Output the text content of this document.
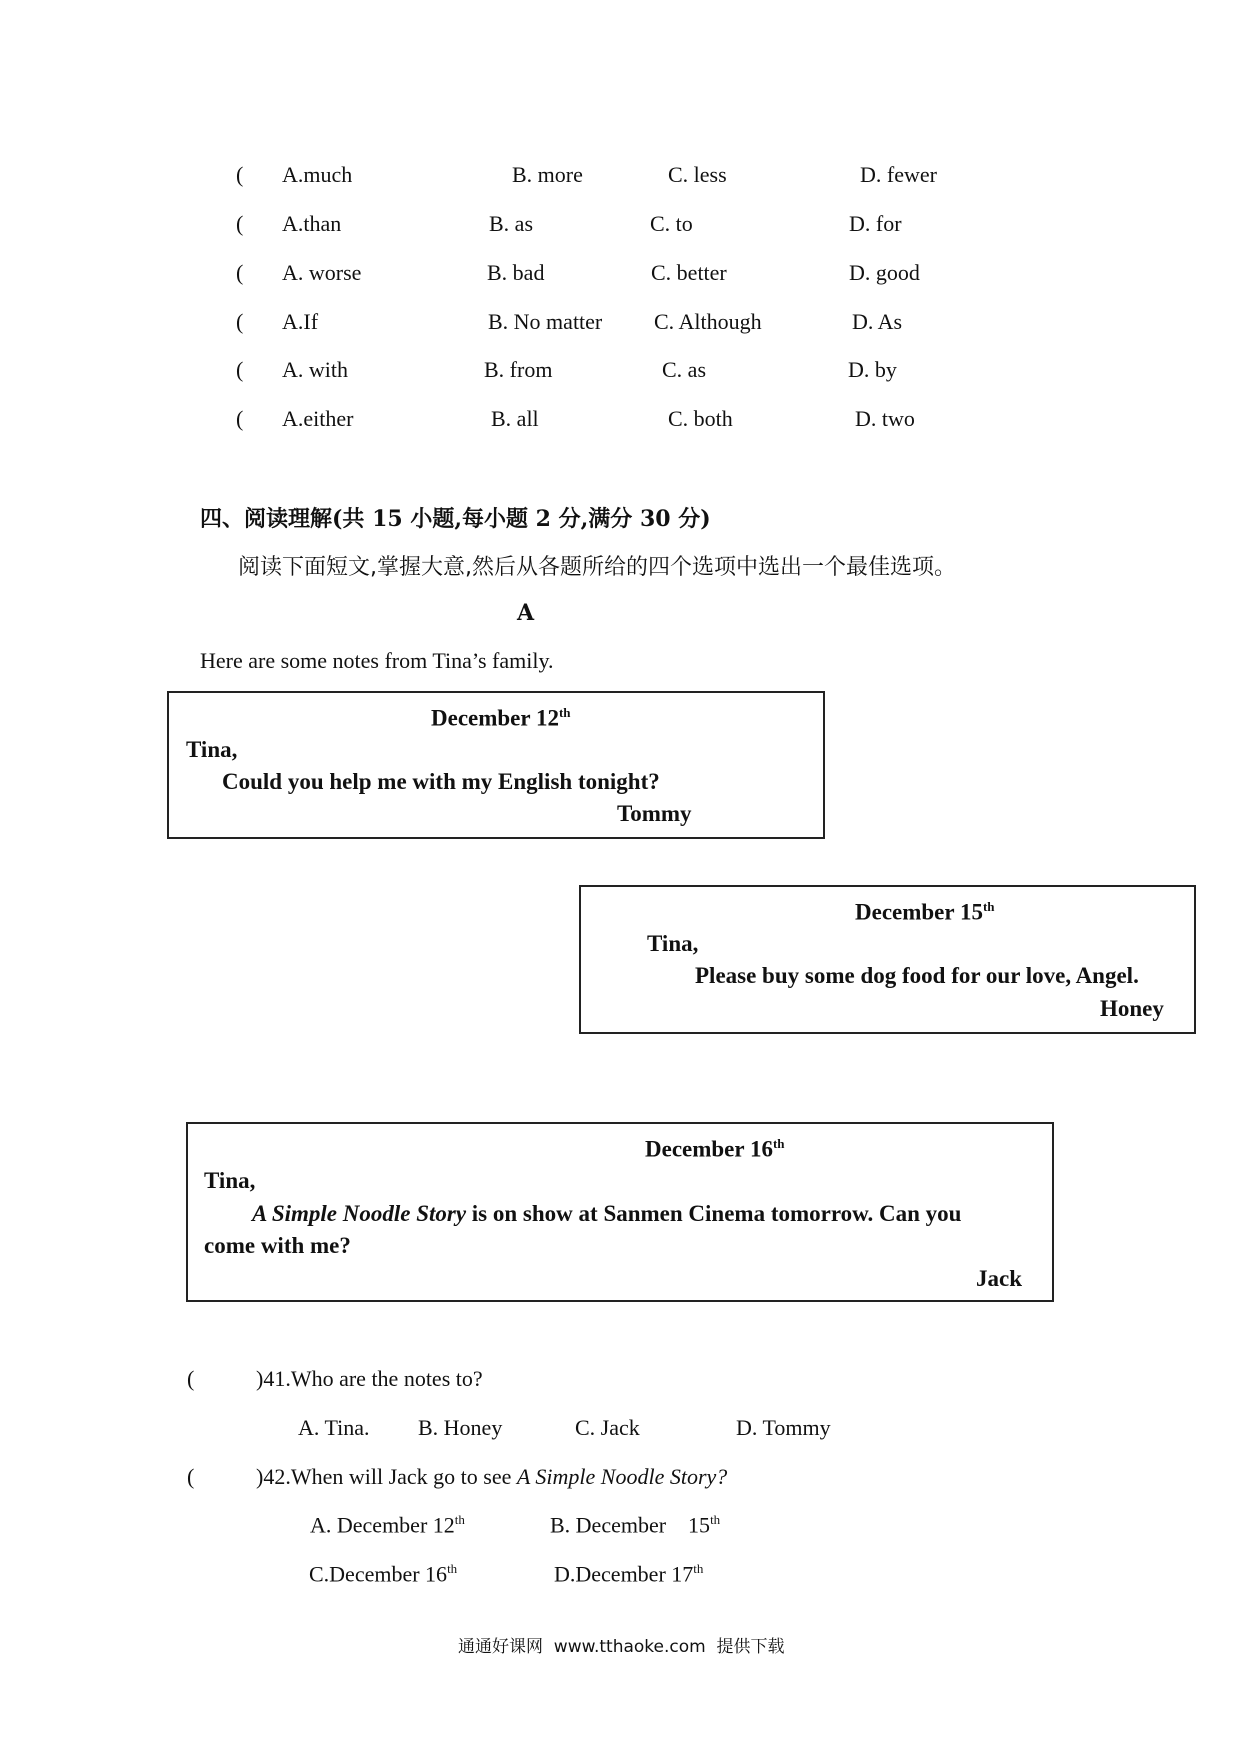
( A.much	B. more	C. less	D. fewer
( A.than	B. as	C. to	D. for
( A. worse	B. bad	C. better	D. good
( A.If	B. No matter C. Although	D. As
( A. with	B. from	C. as	D. by
( A.either	B. all	C. both	D. two
四、阅读理解(共 15 小题,每小题 2 分,满分 30 分)
阅读下面短文,掌握大意,然后从各题所给的四个选项中选出一个最佳选项。
A
Here are some notes from Tina’s family.
December 12th
Tina,
Could you help me with my English tonight?
Tommy
December 15th
Tina,
Please buy some dog food for our love, Angel.
Honey
December 16th
Tina,
A Simple Noodle Story is on show at Sanmen Cinema tomorrow. Can you
come with me?
Jack
(	)41.Who are the notes to?
A. Tina. B. Honey	C. Jack	D. Tommy
(	)42.When will Jack go to see A Simple Noodle Story?
A. December 12th	B. December    15th
C.December 16th	D.December 17th
通通好课网  www.tthaoke.com  提供下载
